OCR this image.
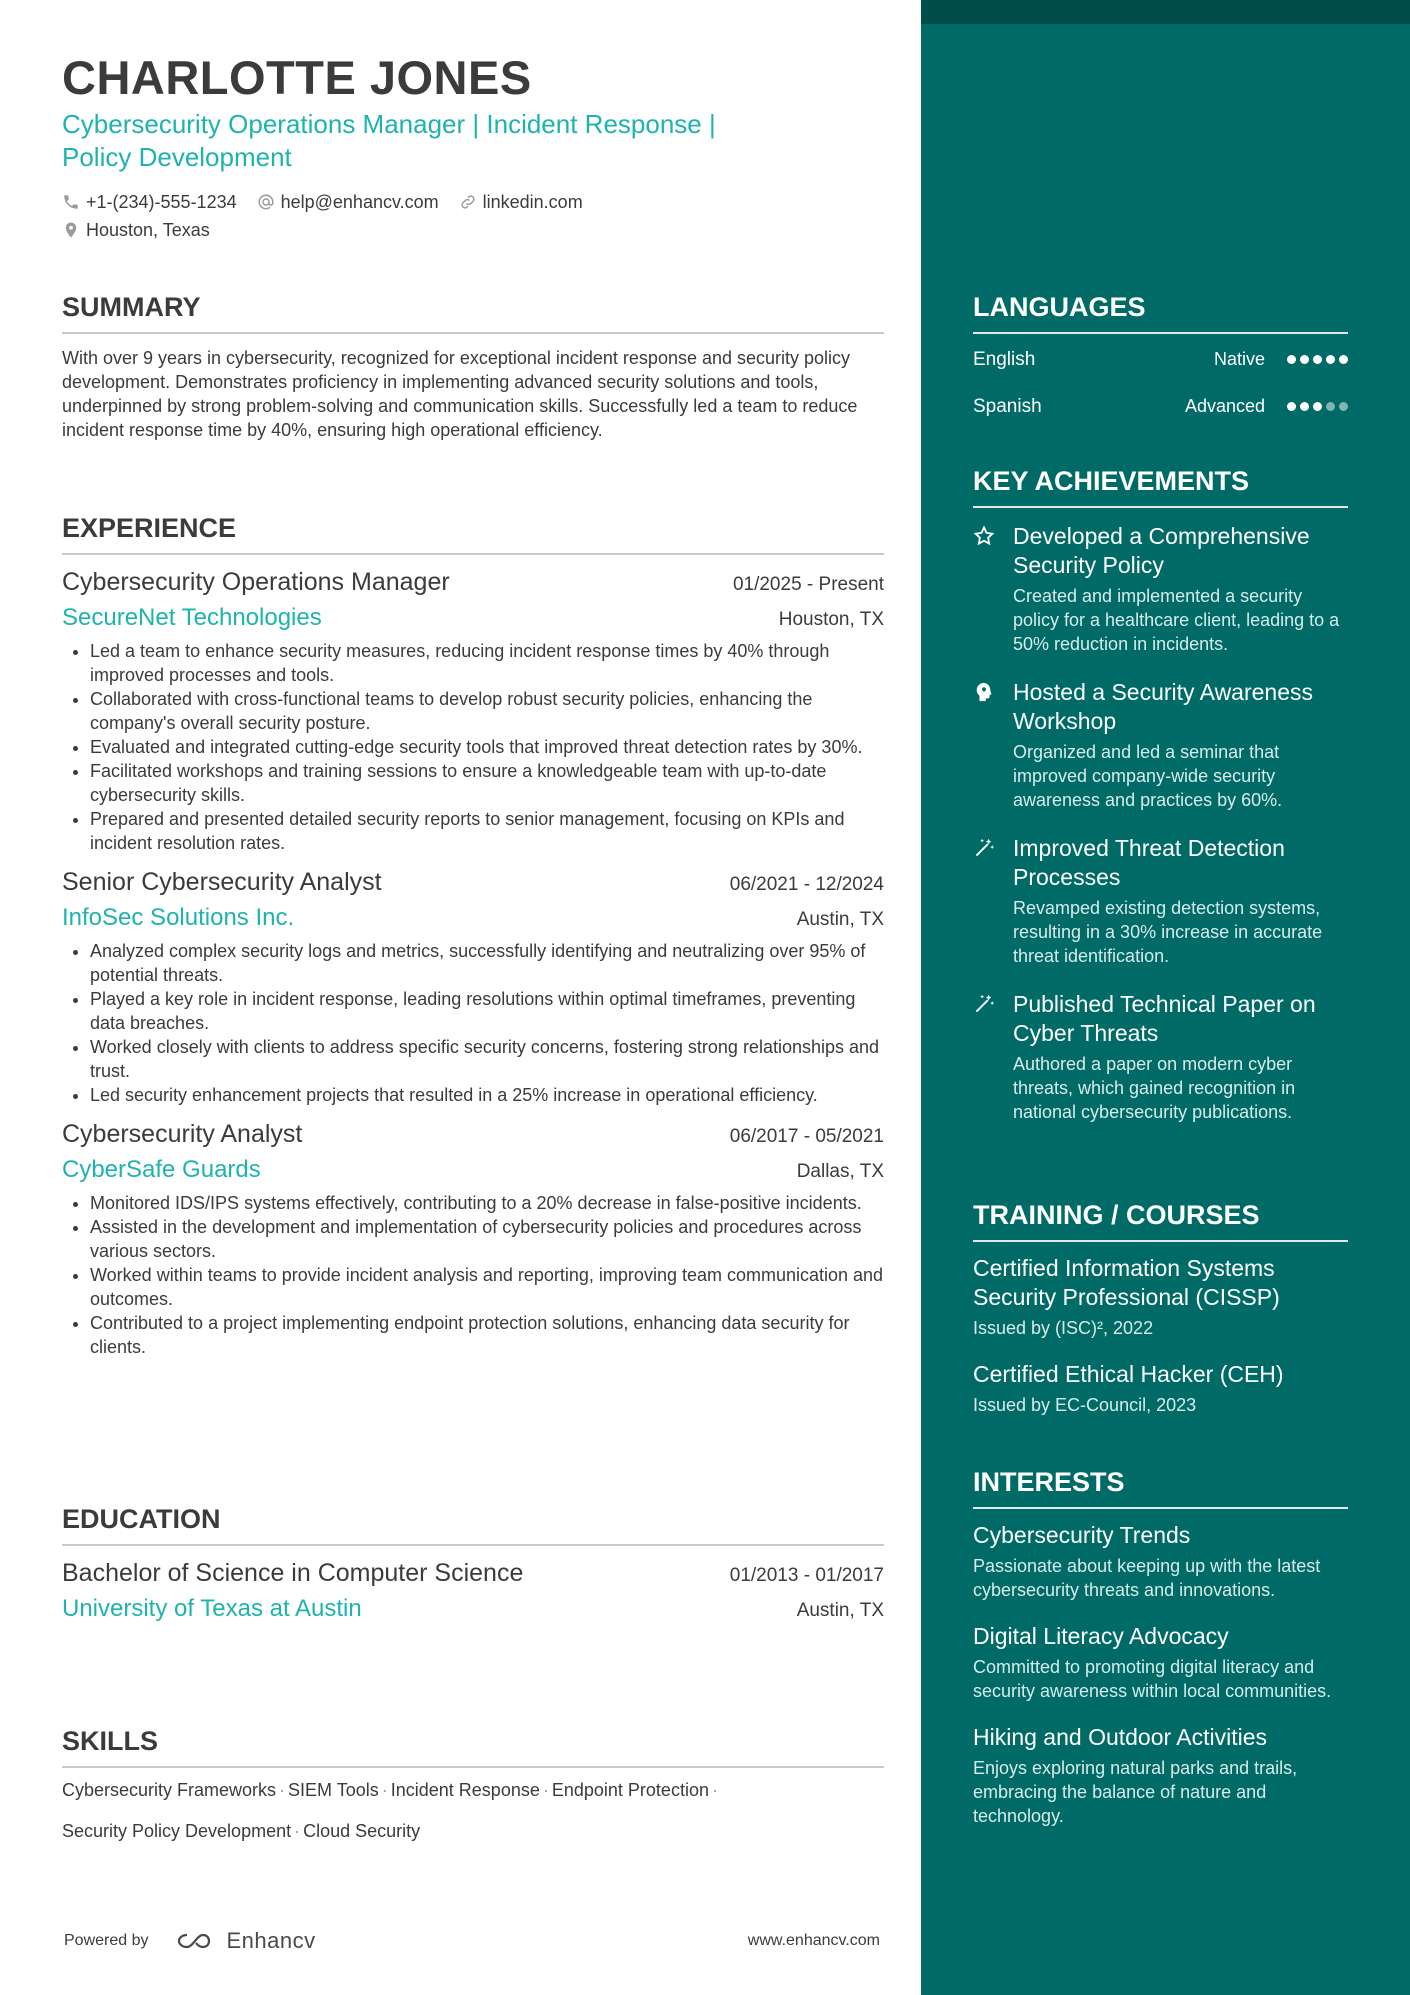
CHARLOTTE JONES
Cybersecurity Operations Manager | Incident Response |
Policy Development
+1-(234)-555-1234 help@enhancv.com linkedin.com
Houston, Texas
SUMMARY
With over 9 years in cybersecurity, recognized for exceptional incident response and security policy development. Demonstrates proficiency in implementing advanced security solutions and tools, underpinned by strong problem-solving and communication skills. Successfully led a team to reduce incident response time by 40%, ensuring high operational efficiency.
EXPERIENCE
Cybersecurity Operations Manager	01/2025 - Present
SecureNet Technologies	Houston, TX
• Led a team to enhance security measures, reducing incident response times by 40% through improved processes and tools.
• Collaborated with cross-functional teams to develop robust security policies, enhancing the company's overall security posture.
• Evaluated and integrated cutting-edge security tools that improved threat detection rates by 30%.
• Facilitated workshops and training sessions to ensure a knowledgeable team with up-to-date cybersecurity skills.
• Prepared and presented detailed security reports to senior management, focusing on KPIs and incident resolution rates.
Senior Cybersecurity Analyst	06/2021 - 12/2024
InfoSec Solutions Inc.	Austin, TX
• Analyzed complex security logs and metrics, successfully identifying and neutralizing over 95% of potential threats.
• Played a key role in incident response, leading resolutions within optimal timeframes, preventing data breaches.
• Worked closely with clients to address specific security concerns, fostering strong relationships and trust.
• Led security enhancement projects that resulted in a 25% increase in operational efficiency.
Cybersecurity Analyst	06/2017 - 05/2021
CyberSafe Guards	Dallas, TX
• Monitored IDS/IPS systems effectively, contributing to a 20% decrease in false-positive incidents.
• Assisted in the development and implementation of cybersecurity policies and procedures across various sectors.
• Worked within teams to provide incident analysis and reporting, improving team communication and outcomes.
• Contributed to a project implementing endpoint protection solutions, enhancing data security for clients.
EDUCATION
Bachelor of Science in Computer Science	01/2013 - 01/2017
University of Texas at Austin	Austin, TX
SKILLS
Cybersecurity Frameworks · SIEM Tools · Incident Response · Endpoint Protection ·
Security Policy Development · Cloud Security
Powered by	Enhancv	www.enhancv.com
LANGUAGES
English	Native
Spanish	Advanced
KEY ACHIEVEMENTS
Developed a Comprehensive Security Policy
Created and implemented a security policy for a healthcare client, leading to a 50% reduction in incidents.
Hosted a Security Awareness Workshop
Organized and led a seminar that improved company-wide security awareness and practices by 60%.
Improved Threat Detection Processes
Revamped existing detection systems, resulting in a 30% increase in accurate threat identification.
Published Technical Paper on Cyber Threats
Authored a paper on modern cyber threats, which gained recognition in national cybersecurity publications.
TRAINING / COURSES
Certified Information Systems Security Professional (CISSP)
Issued by (ISC)², 2022
Certified Ethical Hacker (CEH)
Issued by EC-Council, 2023
INTERESTS
Cybersecurity Trends
Passionate about keeping up with the latest cybersecurity threats and innovations.
Digital Literacy Advocacy
Committed to promoting digital literacy and security awareness within local communities.
Hiking and Outdoor Activities
Enjoys exploring natural parks and trails, embracing the balance of nature and technology.
